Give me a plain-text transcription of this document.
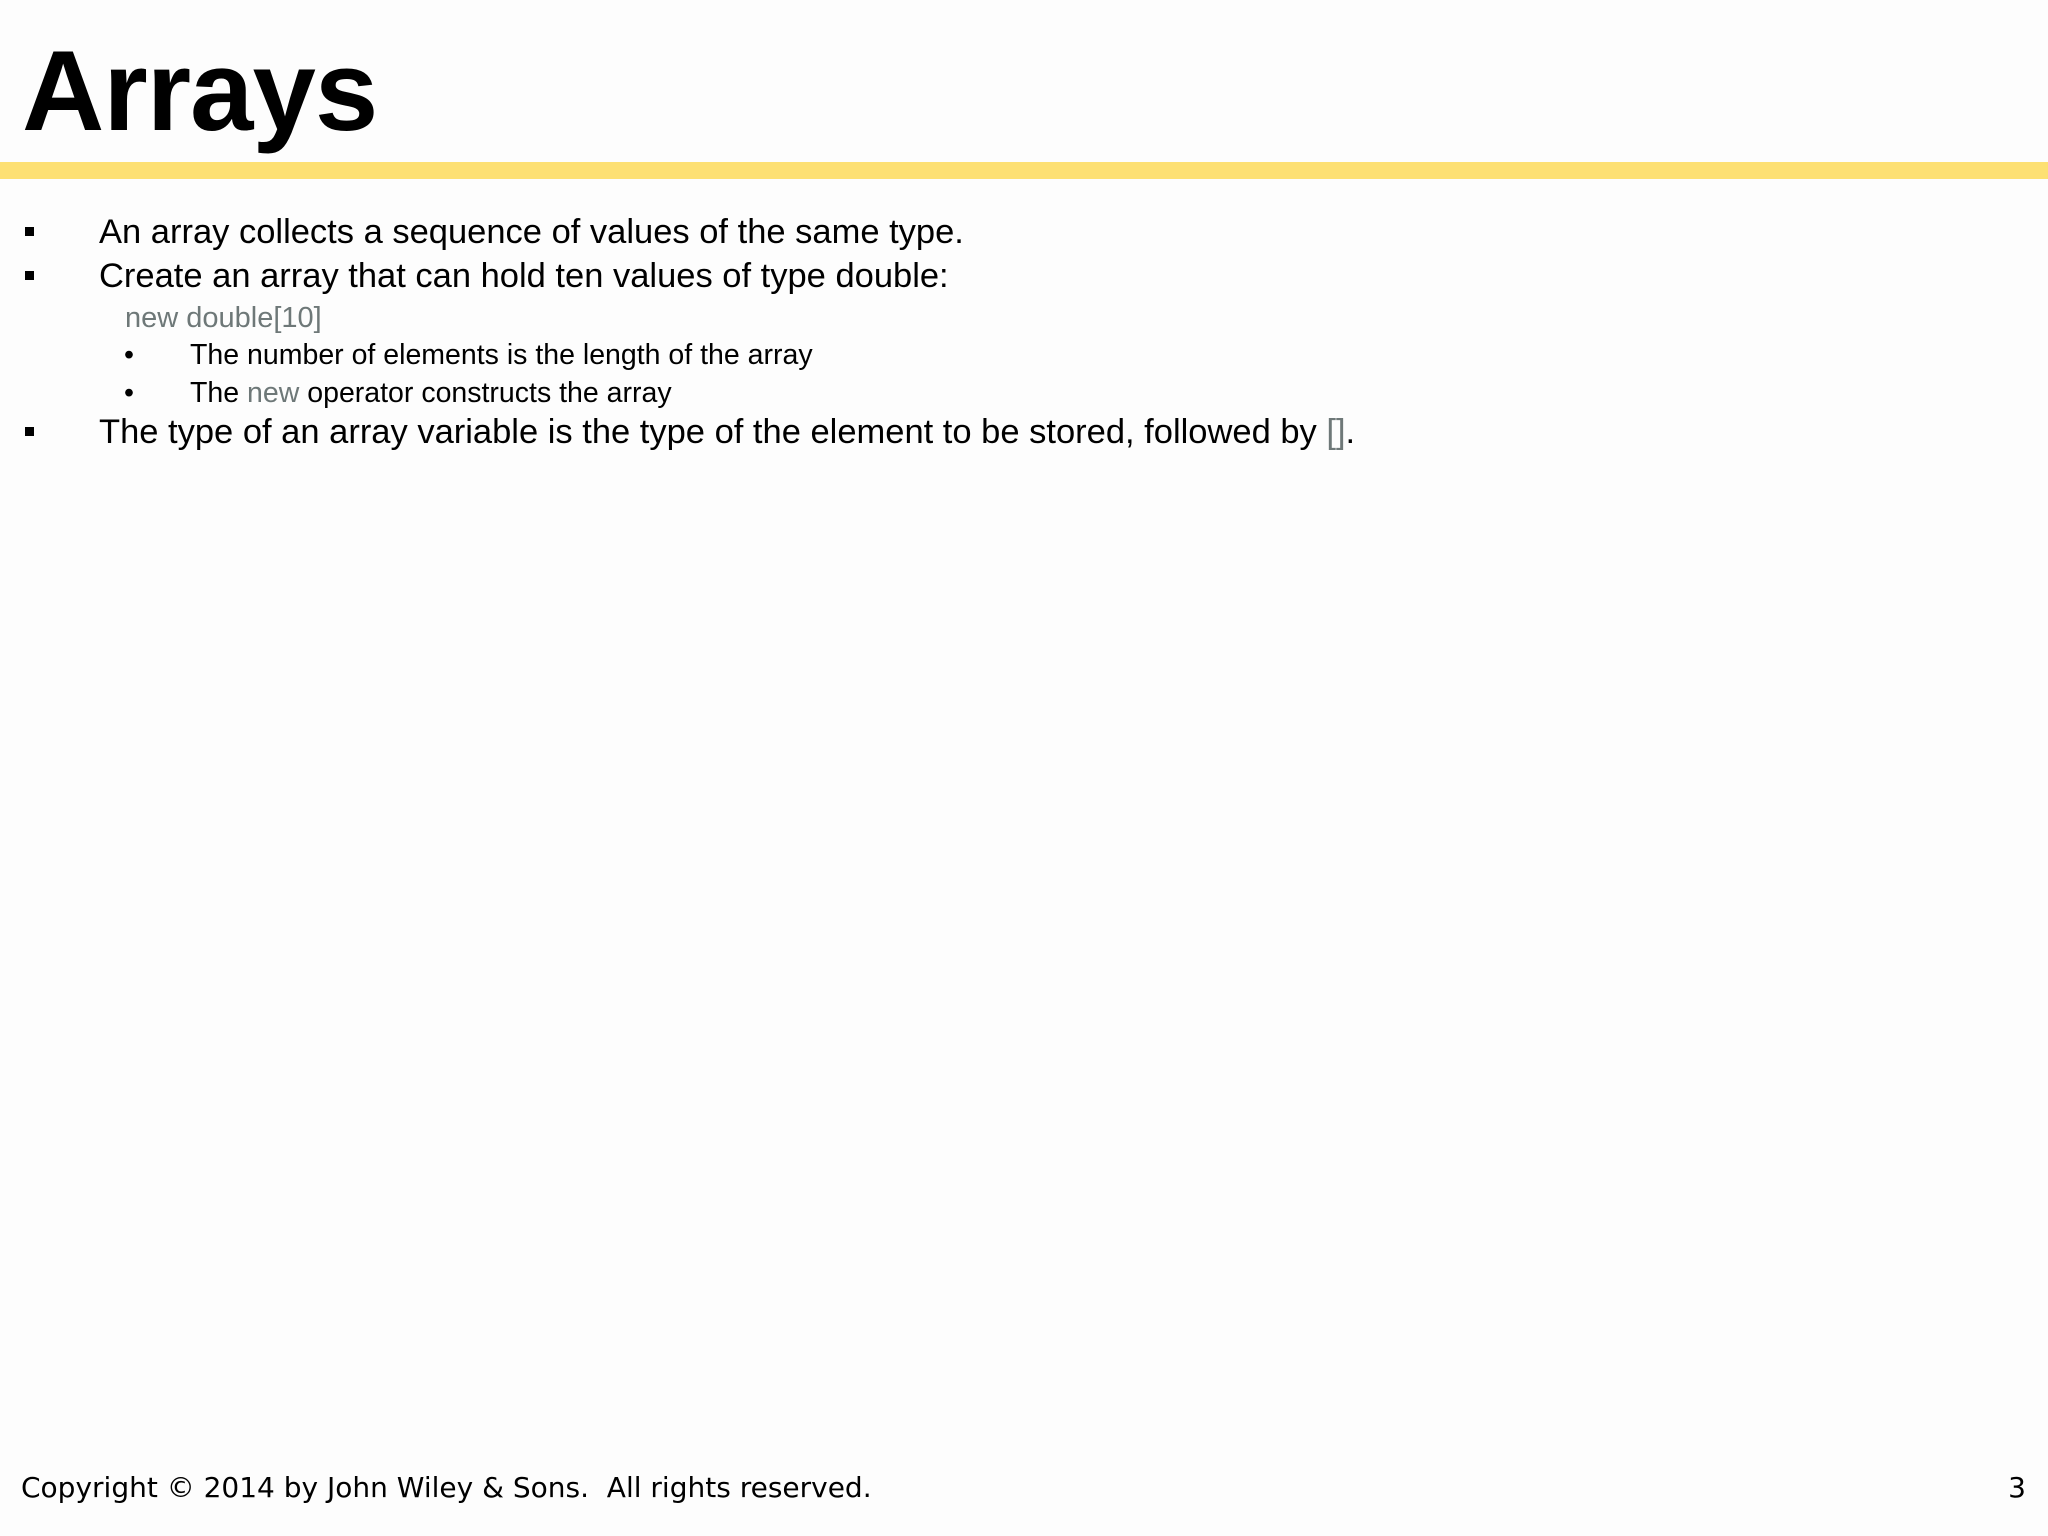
Arrays
An array collects a sequence of values of the same type.
Create an array that can hold ten values of type double:
new double[10]
• The number of elements is the length of the array
• The new operator constructs the array
The type of an array variable is the type of the element to be stored, followed by [].
Copyright © 2014 by John Wiley & Sons.  All rights reserved.	3
